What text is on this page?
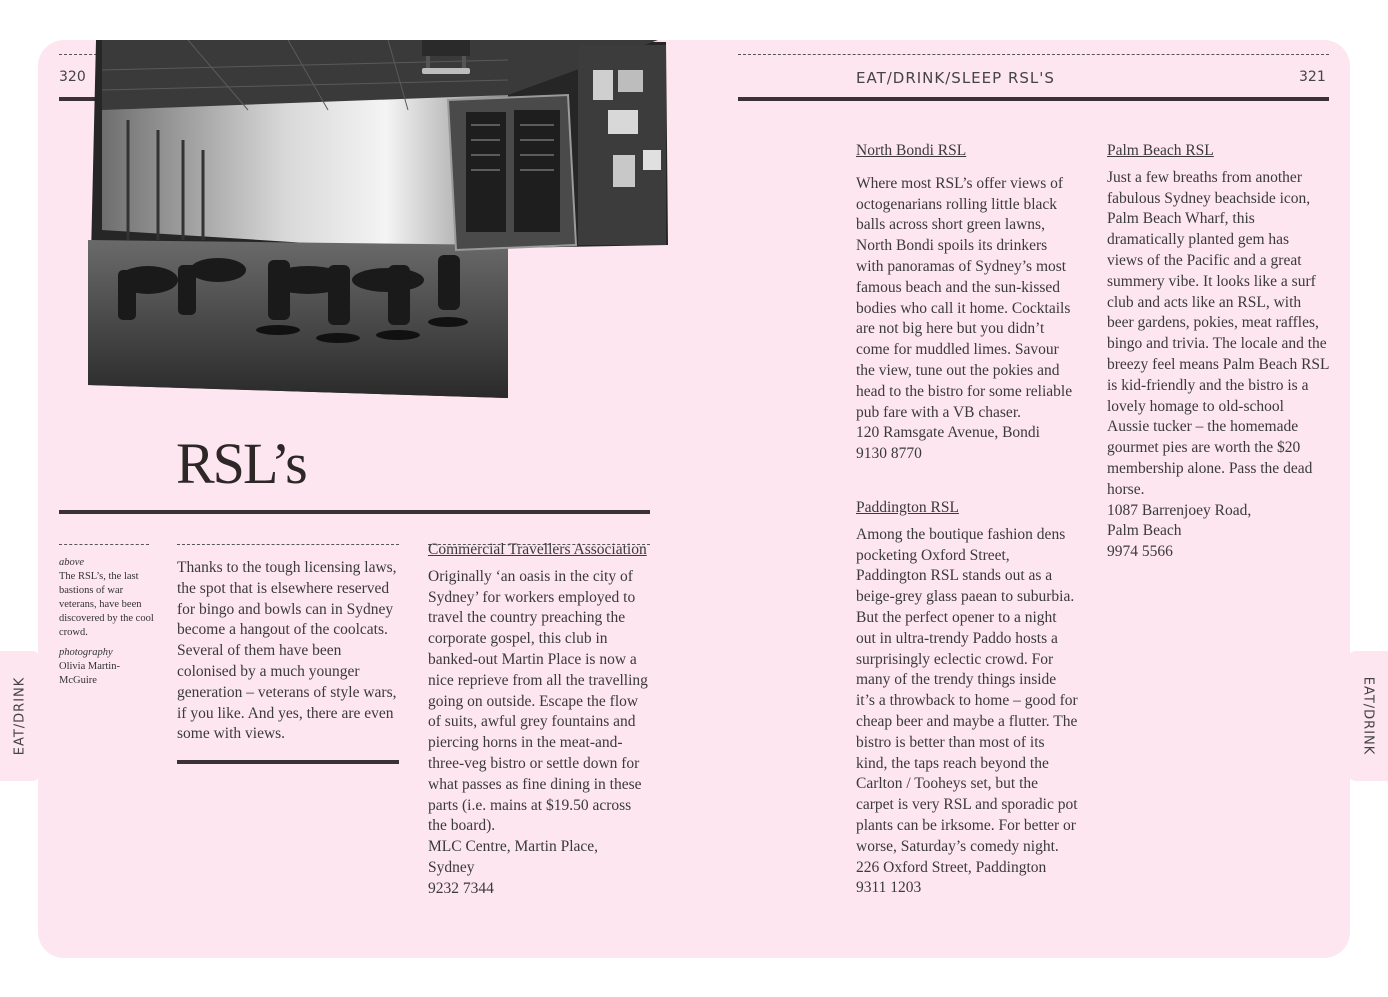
EAT/DRINK	EAT/DRINK
320	EAT/DRINK/SLEEP RSL'S	321
RSL’s
above
The RSL’s, the last bastions of war veterans, have been discovered by the cool crowd.
photography
Olivia Martin-McGuire

Thanks to the tough licensing laws, the spot that is elsewhere reserved for bingo and bowls can in Sydney become a hangout of the coolcats. Several of them have been colonised by a much younger generation – veterans of style wars, if you like. And yes, there are even some with views.

Commercial Travellers Association

Originally ‘an oasis in the city of Sydney’ for workers employed to travel the country preaching the corporate gospel, this club in banked-out Martin Place is now a nice reprieve from all the travelling going on outside. Escape the flow of suits, awful grey fountains and piercing horns in the meat-and-three-veg bistro or settle down for what passes as fine dining in these parts (i.e. mains at $19.50 across the board).

MLC Centre, Martin Place,
Sydney
9232 7344
North Bondi RSL

Where most RSL’s offer views of octogenarians rolling little black balls across short green lawns, North Bondi spoils its drinkers with panoramas of Sydney’s most famous beach and the sun-kissed bodies who call it home. Cocktails are not big here but you didn’t come for muddled limes. Savour the view, tune out the pokies and head to the bistro for some reliable pub fare with a VB chaser.

120 Ramsgate Avenue, Bondi
9130 8770
Paddington RSL

Among the boutique fashion dens pocketing Oxford Street, Paddington RSL stands out as a beige-grey glass paean to suburbia. But the perfect opener to a night out in ultra-trendy Paddo hosts a surprisingly eclectic crowd. For many of the trendy things inside it’s a throwback to home – good for cheap beer and maybe a flutter. The bistro is better than most of its kind, the taps reach beyond the Carlton / Tooheys set, but the carpet is very RSL and sporadic pot plants can be irksome. For better or worse, Saturday’s comedy night.

226 Oxford Street, Paddington
9311 1203
Palm Beach RSL

Just a few breaths from another fabulous Sydney beachside icon, Palm Beach Wharf, this dramatically planted gem has views of the Pacific and a great summery vibe. It looks like a surf club and acts like an RSL, with beer gardens, pokies, meat raffles, bingo and trivia. The locale and the breezy feel means Palm Beach RSL is kid-friendly and the bistro is a lovely homage to old-school Aussie tucker – the homemade gourmet pies are worth the $20 membership alone. Pass the dead horse.

1087 Barrenjoey Road,
Palm Beach
9974 5566
